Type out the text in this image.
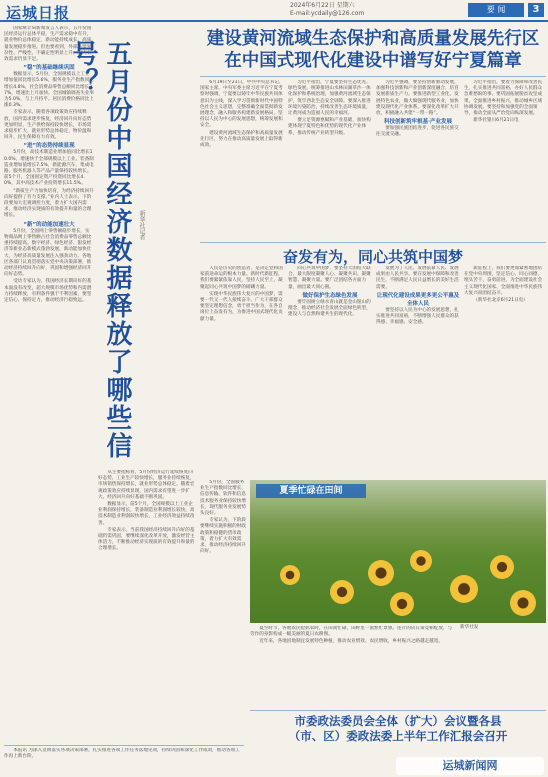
运城日报	2024年6月22日 星期六
E-mail:ycdaily@126.com	要 闻	3

国家统计局新闻发言人表示，五月份国民经济运行总体平稳，生产需求稳中有升，就业物价总体稳定，新动能持续成长，高质量发展稳步推进。但也要看到，外部环境复杂性、严峻性、不确定性明显上升，国内有效需求仍显不足。

“稳”的基础继续巩固

数据显示，5月份，全国规模以上工业增加值同比增长5.6%，服务业生产指数同比增长4.8%，社会消费品零售总额同比增长3.7%，增速比上月加快。全国城镇调查失业率为5.0%，与上月持平。居民消费价格同比上涨0.3%。

专家表示，随着各项政策效应持续释放，国内需求逐步恢复，经济回升向好态势更加明显，生产供给保持较快增长，市场需求稳步扩大，就业形势总体稳定，物价温和回升，民生保障有力有效。

“进”的态势持续显现

5月份，高技术制造业增加值同比增长10.0%，增速快于全部规模以上工业。装备制造业增加值增长7.5%，新能源汽车、集成电路、服务机器人等产品产量保持较快增长。前5个月，全国固定资产投资同比增长4.0%，其中高技术产业投资增长11.5%。

“新质生产力加快培育，为经济持续回升向好提供了有力支撑。”业内人士表示，下阶段要加大宏观调控力度，着力扩大国内需求，推动经济实现质的有效提升和量的合理增长。

“新”的动能加速壮大

5月份，全国网上零售额稳步增长，实物商品网上零售额占社会消费品零售总额比重持续提高。数字经济、绿色经济、银发经济等新业态新模式蓬勃发展，新动能加快壮大，为经济高质量发展注入强劲动力。各地区各部门认真贯彻落实党中央决策部署，推动经济持续回升向好，巩固和增强经济回升向好态势。

受访专家认为，我国经济长期向好的基本面没有改变，超大规模市场优势和内需潜力持续释放，有利条件强于不利因素，要坚定信心、保持定力，推动经济行稳致远。 五月份中国经济数据释放了哪些信号？
新华社记者

从主要指标看，5月份经济运行延续恢复向好态势，工业生产较快增长，服务业持续恢复，市场销售保持增长，就业形势总体稳定。随着宏观政策效应持续显现，国内需求有望进一步扩大，经济回升向好基础不断巩固。

数据显示，前5个月，全国规模以上工业企业利润保持增长，装备制造业利润增长较快，高技术制造业利润较快增长，工业经济效益持续改善。

专家表示，当前我国经济持续回升向好的基础仍需巩固，要继续深化改革开放，激发经营主体活力，不断推动经济实现质的有效提升和量的合理增长。

建设黄河流域生态保护和高质量发展先行区
在中国式现代化建设中谱写好宁夏篇章

6月19日至21日，中共中央总书记、国家主席、中央军委主席习近平在宁夏考察时强调，宁夏要以铸牢中华民族共同体意识为主线，深入学习贯彻新时代中国特色社会主义思想，完整准确全面贯彻新发展理念，融入和服务构建新发展格局，坚持以人民为中心的发展思想，统筹发展和安全。

建设黄河流域生态保护和高质量发展先行区，努力在推动高质量发展上取得新成效。

习近平指出，宁夏要坚持生态优先、绿色发展，统筹推进山水林田湖草沙一体化保护和系统治理，加强黄河流域生态保护，筑牢西北生态安全屏障。要深入推进环境污染防治，持续改善生态环境质量，让黄河成为造福人民的幸福河。

要立足资源禀赋和产业基础，加快构建体现宁夏特色和优势的现代化产业体系，推动传统产业转型升级。

习近平强调，要坚持创新驱动发展，加强科技创新和产业创新深度融合，培育发展新质生产力。要推进新型工业化，发展特色农业，做大做强现代服务业，加快建设现代化产业体系。要深化改革扩大开放，积极融入共建“一带一路”。

科技创新筑牢根基·产业发展

要加强民族团结进步，促进各民族交往交流交融。

习近平指出，要着力保障和改善民生，扎实推进共同富裕，办好人民群众急难愁盼的事。要巩固拓展脱贫攻坚成果，全面推进乡村振兴，推动城乡区域协调发展。要坚持和加强党的全面领导，推动全面从严治党向纵深发展。

新华社银川6月21日电

奋发有为，同心共筑中国梦

人民是历史的创造者，是决定党和国家前途命运的根本力量。新时代新征程，我们要紧紧依靠人民，坚持人民至上，凝聚起同心共筑中国梦的磅礴力量。

实现中华民族伟大复兴的中国梦，需要一代又一代人接续奋斗。广大干部群众要坚定理想信念，勇于担当作为，在各自岗位上奋发有为，为推进中国式现代化贡献力量。

同心共筑中国梦，要坚持大团结大联合，最大限度凝聚人心、凝聚共识、凝聚智慧、凝聚力量。要广泛团结各方面力量，画出最大同心圆。

做好保护生态绿色发展

要牢固树立绿水青山就是金山银山的理念，推动经济社会发展全面绿色转型，建设人与自然和谐共生的现代化。

发展为了人民、发展依靠人民、发展成果由人民共享。要在发展中保障和改善民生，不断满足人民日益增长的美好生活需要。

让现代化建设成果更多更公平惠及全体人民

要坚持以人民为中心的发展思想，扎实推进共同富裕，不断增强人民群众的获得感、幸福感、安全感。

新征程上，我们要更加紧密地团结在党中央周围，坚定信心、同心同德，埋头苦干、奋勇前进，为全面建设社会主义现代化国家、全面推进中华民族伟大复兴而团结奋斗。

（新华社北京6月21日电）

5月份，全国服务业生产指数同比增长，信息传输、软件和信息技术服务业保持较快增长，现代服务业发展势头良好。

专家认为，下阶段要继续实施积极的财政政策和稳健的货币政策，着力扩大有效需求，推动经济持续回升向好。

夏季忙碌在田间

夏至时节，各地农民抢抓农时，在田间忙碌，田野里一派繁忙景象。连片的向日葵竞相绽放，与劳作的身影构成一幅美丽的夏日农耕图。

近年来，各地因地制宜发展特色种植，推动农业增效、农民增收，乡村振兴之路越走越宽。

新华社发
市委政法委员会全体（扩大）会议暨各县
（市、区）委政法委上半年工作汇报会召开

本报讯 为深入贯彻落实各项决策部署，扎实推进各项工作任务落地见效，持续巩固和深化工作成效，推动各项工作再上新台阶。

运城新闻网
